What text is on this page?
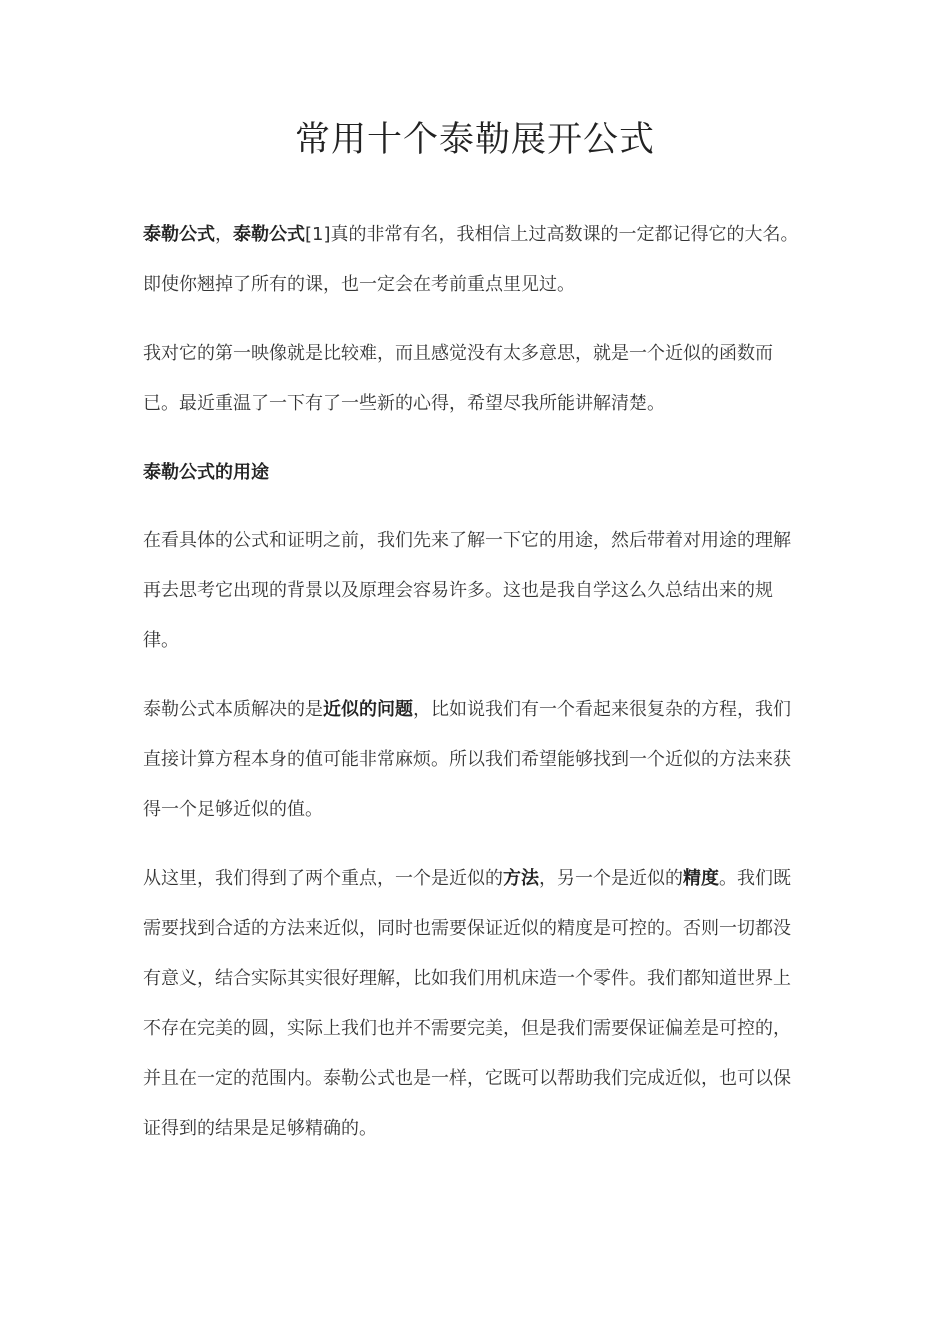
常用十个泰勒展开公式

泰勒公式，泰勒公式[1]真的非常有名，我相信上过高数课的一定都记得它的大名。即使你翘掉了所有的课，也一定会在考前重点里见过。

我对它的第一映像就是比较难，而且感觉没有太多意思，就是一个近似的函数而已。最近重温了一下有了一些新的心得，希望尽我所能讲解清楚。

泰勒公式的用途

在看具体的公式和证明之前，我们先来了解一下它的用途，然后带着对用途的理解再去思考它出现的背景以及原理会容易许多。这也是我自学这么久总结出来的规律。

泰勒公式本质解决的是近似的问题，比如说我们有一个看起来很复杂的方程，我们直接计算方程本身的值可能非常麻烦。所以我们希望能够找到一个近似的方法来获得一个足够近似的值。

从这里，我们得到了两个重点，一个是近似的方法，另一个是近似的精度。我们既需要找到合适的方法来近似，同时也需要保证近似的精度是可控的。否则一切都没有意义，结合实际其实很好理解，比如我们用机床造一个零件。我们都知道世界上不存在完美的圆，实际上我们也并不需要完美，但是我们需要保证偏差是可控的，并且在一定的范围内。泰勒公式也是一样，它既可以帮助我们完成近似，也可以保证得到的结果是足够精确的。
